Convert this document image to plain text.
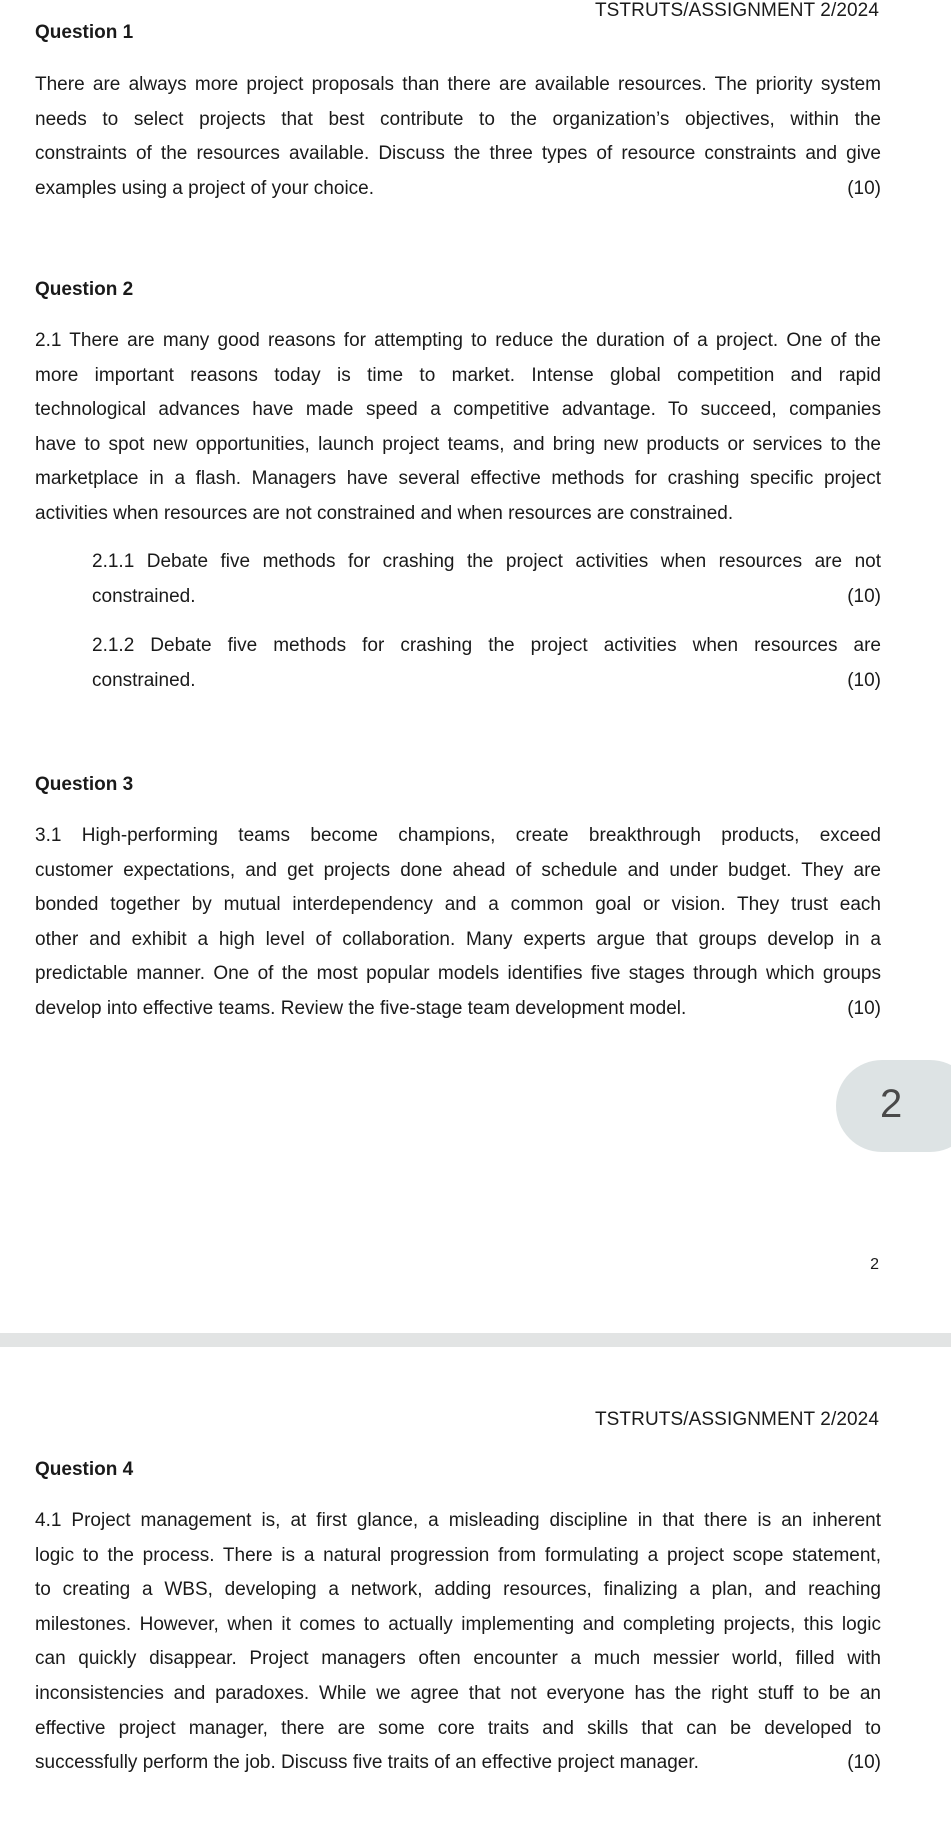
TSTRUTS/ASSIGNMENT 2/2024
Question 1
There are always more project proposals than there are available resources. The priority system
needs to select projects that best contribute to the organization’s objectives, within the
constraints of the resources available. Discuss the three types of resource constraints and give
examples using a project of your choice.	(10)
Question 2
2.1 There are many good reasons for attempting to reduce the duration of a project. One of the
more important reasons today is time to market. Intense global competition and rapid
technological advances have made speed a competitive advantage. To succeed, companies
have to spot new opportunities, launch project teams, and bring new products or services to the
marketplace in a flash. Managers have several effective methods for crashing specific project
activities when resources are not constrained and when resources are constrained.
2.1.1 Debate five methods for crashing the project activities when resources are not
constrained.	(10)
2.1.2 Debate five methods for crashing the project activities when resources are
constrained.	(10)
Question 3
3.1 High-performing teams become champions, create breakthrough products, exceed
customer expectations, and get projects done ahead of schedule and under budget. They are
bonded together by mutual interdependency and a common goal or vision. They trust each
other and exhibit a high level of collaboration. Many experts argue that groups develop in a
predictable manner. One of the most popular models identifies five stages through which groups
develop into effective teams. Review the five-stage team development model.	(10)
2
2
TSTRUTS/ASSIGNMENT 2/2024
Question 4
4.1 Project management is, at first glance, a misleading discipline in that there is an inherent
logic to the process. There is a natural progression from formulating a project scope statement,
to creating a WBS, developing a network, adding resources, finalizing a plan, and reaching
milestones. However, when it comes to actually implementing and completing projects, this logic
can quickly disappear. Project managers often encounter a much messier world, filled with
inconsistencies and paradoxes. While we agree that not everyone has the right stuff to be an
effective project manager, there are some core traits and skills that can be developed to
successfully perform the job. Discuss five traits of an effective project manager.	(10)
